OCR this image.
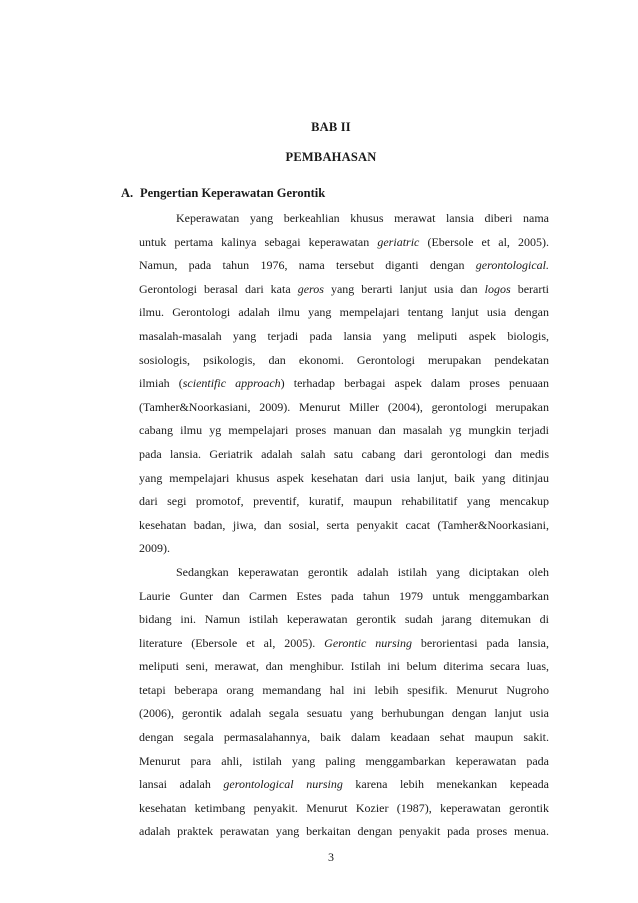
BAB II
PEMBAHASAN
A. Pengertian Keperawatan Gerontik
Keperawatan yang berkeahlian khusus merawat lansia diberi nama
untuk pertama kalinya sebagai keperawatan geriatric (Ebersole et al, 2005).
Namun, pada tahun 1976, nama tersebut diganti dengan gerontological.
Gerontologi berasal dari kata geros yang berarti lanjut usia dan logos berarti
ilmu. Gerontologi adalah ilmu yang mempelajari tentang lanjut usia dengan
masalah-masalah yang terjadi pada lansia yang meliputi aspek biologis,
sosiologis, psikologis, dan ekonomi. Gerontologi merupakan pendekatan
ilmiah (scientific approach) terhadap berbagai aspek dalam proses penuaan
(Tamher&Noorkasiani, 2009). Menurut Miller (2004), gerontologi merupakan
cabang ilmu yg mempelajari proses manuan dan masalah yg mungkin terjadi
pada lansia. Geriatrik adalah salah satu cabang dari gerontologi dan medis
yang mempelajari khusus aspek kesehatan dari usia lanjut, baik yang ditinjau
dari segi promotof, preventif, kuratif, maupun rehabilitatif yang mencakup
kesehatan badan, jiwa, dan sosial, serta penyakit cacat (Tamher&Noorkasiani,
2009).
Sedangkan keperawatan gerontik adalah istilah yang diciptakan oleh
Laurie Gunter dan Carmen Estes pada tahun 1979 untuk menggambarkan
bidang ini. Namun istilah keperawatan gerontik sudah jarang ditemukan di
literature (Ebersole et al, 2005). Gerontic nursing berorientasi pada lansia,
meliputi seni, merawat, dan menghibur. Istilah ini belum diterima secara luas,
tetapi beberapa orang memandang hal ini lebih spesifik. Menurut Nugroho
(2006), gerontik adalah segala sesuatu yang berhubungan dengan lanjut usia
dengan segala permasalahannya, baik dalam keadaan sehat maupun sakit.
Menurut para ahli, istilah yang paling menggambarkan keperawatan pada
lansai adalah gerontological nursing karena lebih menekankan kepeada
kesehatan ketimbang penyakit. Menurut Kozier (1987), keperawatan gerontik
adalah praktek perawatan yang berkaitan dengan penyakit pada proses menua.
3
